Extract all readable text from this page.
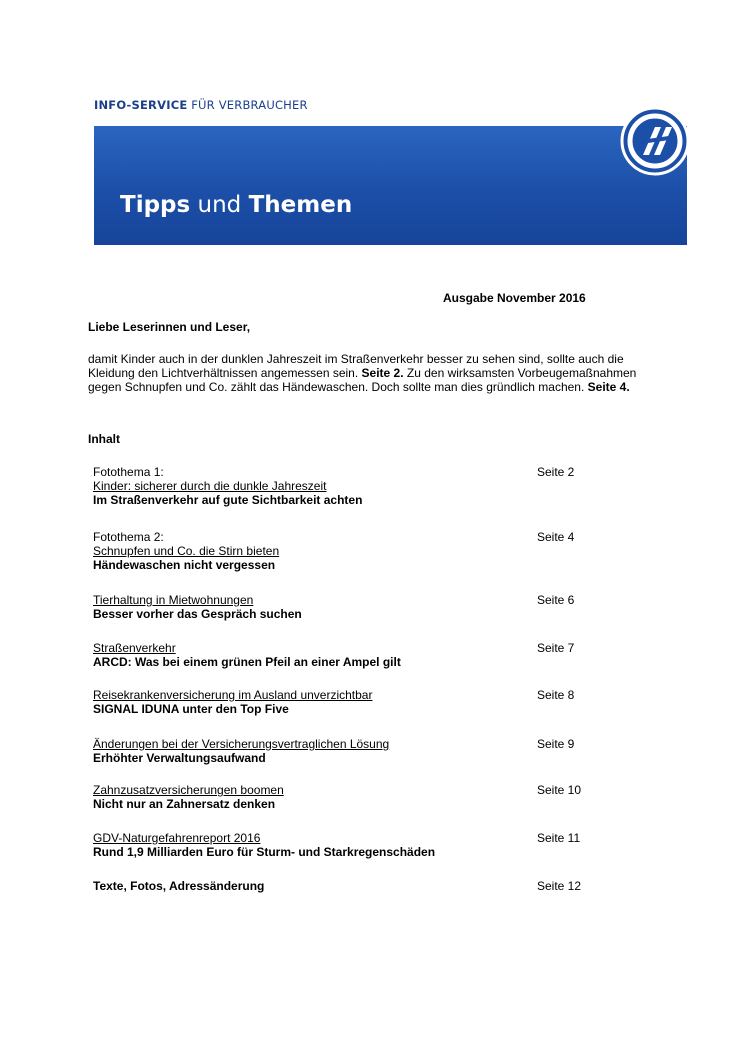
INFO-SERVICE FÜR VERBRAUCHER
Tipps und Themen
Ausgabe November 2016
Liebe Leserinnen und Leser,

damit Kinder auch in der dunklen Jahreszeit im Straßenverkehr besser zu sehen sind, sollte auch die Kleidung den Lichtverhältnissen angemessen sein. Seite 2. Zu den wirksamsten Vorbeugemaßnahmen gegen Schnupfen und Co. zählt das Händewaschen. Doch sollte man dies gründlich machen. Seite 4.

Inhalt
Fotothema 1:
Kinder: sicherer durch die dunkle Jahreszeit
Im Straßenverkehr auf gute Sichtbarkeit achten
Seite 2
Fotothema 2:
Schnupfen und Co. die Stirn bieten
Händewaschen nicht vergessen
Seite 4
Tierhaltung in Mietwohnungen
Besser vorher das Gespräch suchen
Seite 6
Straßenverkehr
ARCD: Was bei einem grünen Pfeil an einer Ampel gilt
Seite 7
Reisekrankenversicherung im Ausland unverzichtbar
SIGNAL IDUNA unter den Top Five
Seite 8
Änderungen bei der Versicherungsvertraglichen Lösung
Erhöhter Verwaltungsaufwand
Seite 9
Zahnzusatzversicherungen boomen
Nicht nur an Zahnersatz denken
Seite 10
GDV-Naturgefahrenreport 2016
Rund 1,9 Milliarden Euro für Sturm- und Starkregenschäden
Seite 11
Texte, Fotos, Adressänderung	Seite 12
